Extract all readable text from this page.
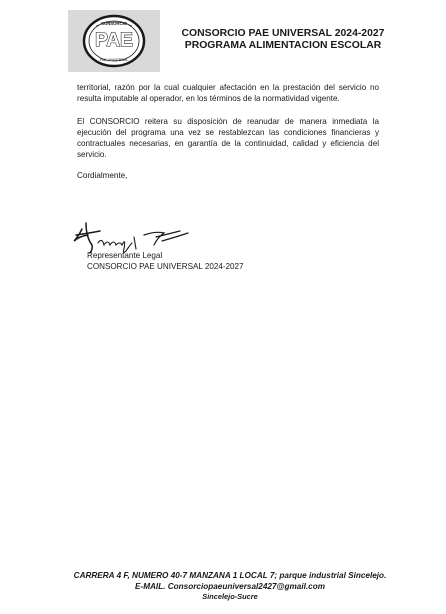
CONSORCIO
PAE UNIVERSAL
PAE	CONSORCIO PAE UNIVERSAL 2024-2027
PROGRAMA ALIMENTACION ESCOLAR

territorial, razón por la cual cualquier afectación en la prestación del servicio no resulta imputable al operador, en los términos de la normatividad vigente.

El CONSORCIO reitera su disposición de reanudar de manera inmediata la ejecución del programa una vez se restablezcan las condiciones financieras y contractuales necesarias, en garantía de la continuidad, calidad y eficiencia del servicio.

Cordialmente,

Representante Legal
CONSORCIO PAE UNIVERSAL 2024-2027
CARRERA 4 F, NUMERO 40-7 MANZANA 1 LOCAL 7; parque industrial Sincelejo.
E-MAIL. Consorciopaeuniversal2427@gmail.com
Sincelejo-Sucre
